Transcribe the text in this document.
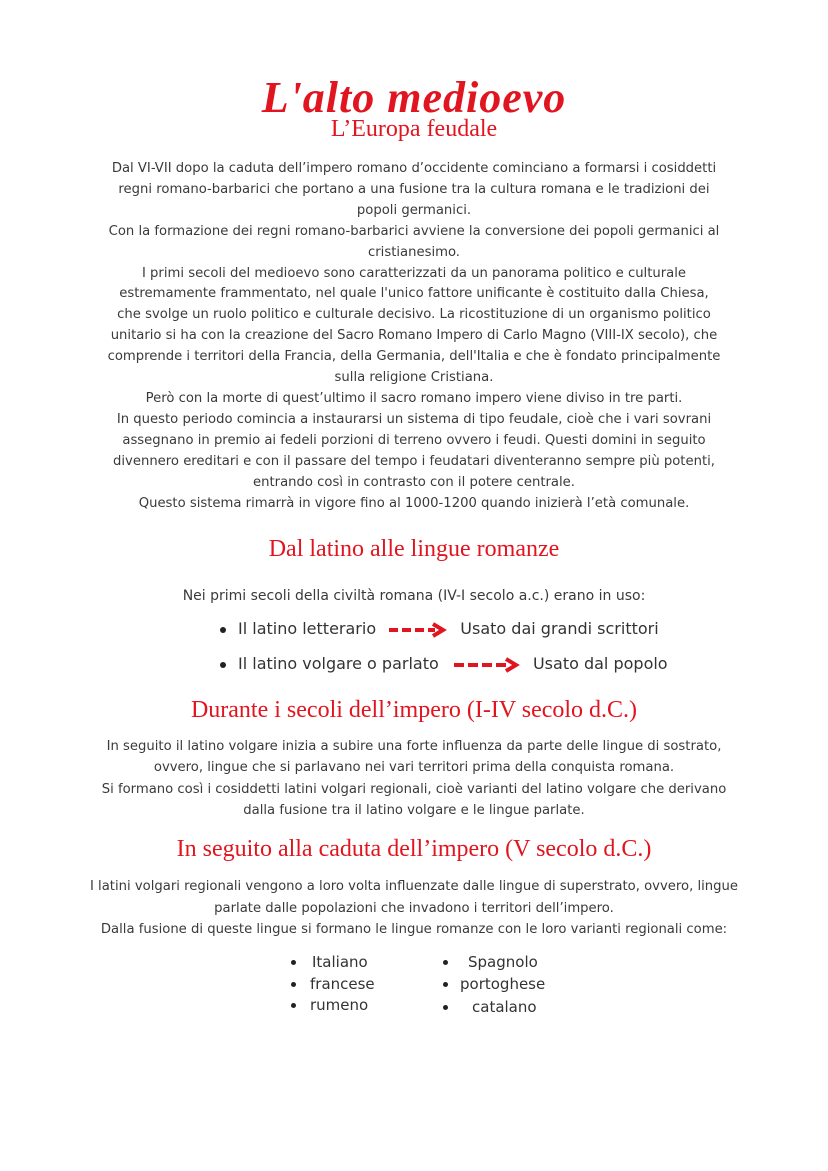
L'alto medioevo
L’Europa feudale
Dal VI-VII dopo la caduta dell’impero romano d’occidente cominciano a formarsi i cosiddetti
regni romano-barbarici che portano a una fusione tra la cultura romana e le tradizioni dei
popoli germanici.
Con la formazione dei regni romano-barbarici avviene la conversione dei popoli germanici al
cristianesimo.
I primi secoli del medioevo sono caratterizzati da un panorama politico e culturale
estremamente frammentato, nel quale l'unico fattore unificante è costituito dalla Chiesa,
che svolge un ruolo politico e culturale decisivo. La ricostituzione di un organismo politico
unitario si ha con la creazione del Sacro Romano Impero di Carlo Magno (VIII-IX secolo), che
comprende i territori della Francia, della Germania, dell'Italia e che è fondato principalmente
sulla religione Cristiana.
Però con la morte di quest’ultimo il sacro romano impero viene diviso in tre parti.
In questo periodo comincia a instaurarsi un sistema di tipo feudale, cioè che i vari sovrani
assegnano in premio ai fedeli porzioni di terreno ovvero i feudi. Questi domini in seguito
divennero ereditari e con il passare del tempo i feudatari diventeranno sempre più potenti,
entrando così in contrasto con il potere centrale.
Questo sistema rimarrà in vigore fino al 1000-1200 quando inizierà l’età comunale.
Dal latino alle lingue romanze
Nei primi secoli della civiltà romana (IV-I secolo a.c.) erano in uso:
Il latino letterario	Usato dai grandi scrittori
Il latino volgare o parlato	Usato dal popolo
Durante i secoli dell’impero (I-IV secolo d.C.)
In seguito il latino volgare inizia a subire una forte influenza da parte delle lingue di sostrato,
ovvero, lingue che si parlavano nei vari territori prima della conquista romana.
Si formano così i cosiddetti latini volgari regionali, cioè varianti del latino volgare che derivano
dalla fusione tra il latino volgare e le lingue parlate.
In seguito alla caduta dell’impero (V secolo d.C.)
I latini volgari regionali vengono a loro volta influenzate dalle lingue di superstrato, ovvero, lingue
parlate dalle popolazioni che invadono i territori dell’impero.
Dalla fusione di queste lingue si formano le lingue romanze con le loro varianti regionali come:
Italiano
francese
rumeno
Spagnolo
portoghese
catalano
